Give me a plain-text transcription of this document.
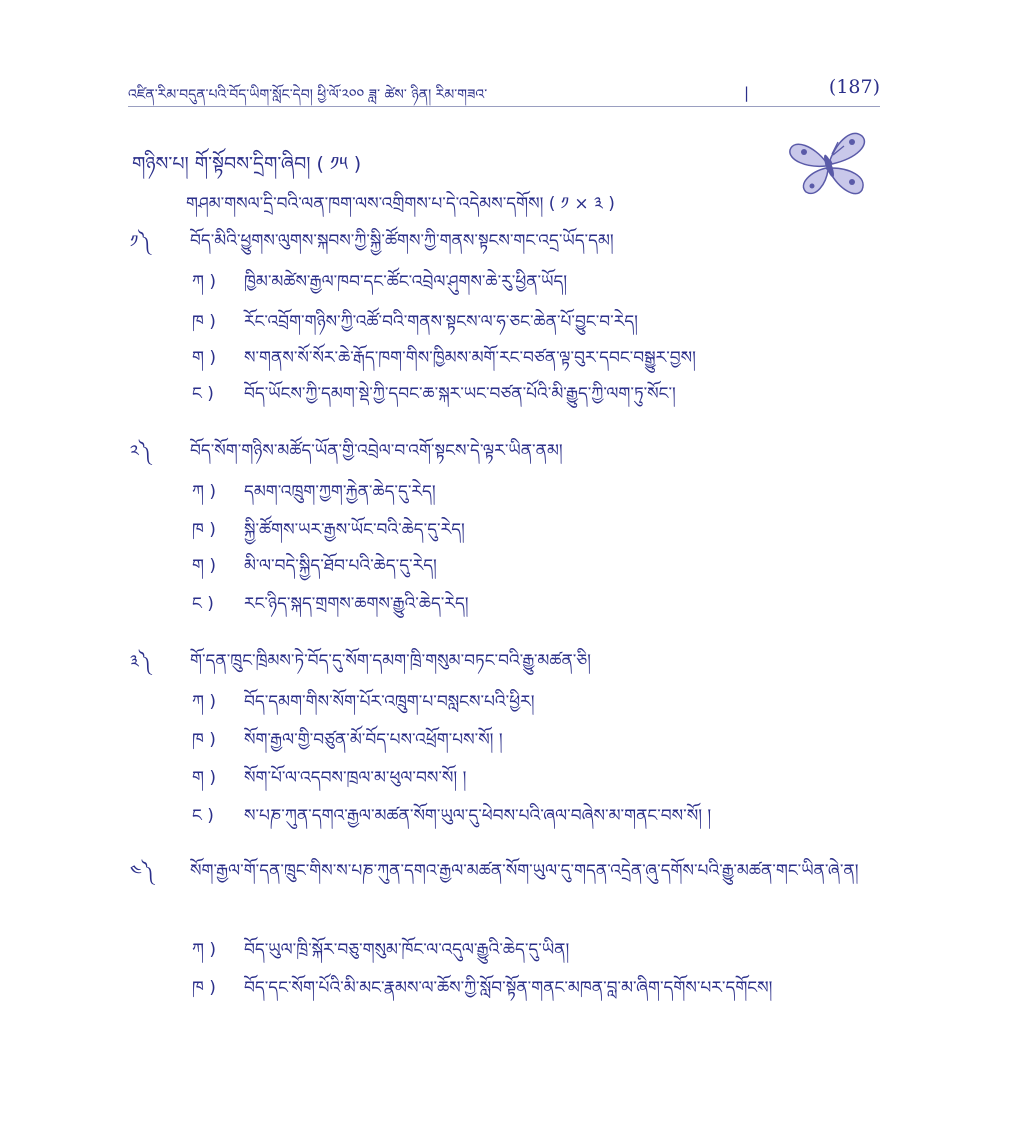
འཛིན་རིམ་བདུན་པའི་བོད་ཡིག་སློང་དེབ། ཕྱི་ལོ་༢༠༠ ཟླ་ ཚེས་ ཉིན། རིམ་གཟའ་	|	(187)
གཉིས་པ། གོ་སྟོབས་དྲིག་ཞིབ། ( ༡༥ )
གཤམ་གསལ་དྲི་བའི་ལན་ཁག་ལས་འགྲིགས་པ་དེ་འདེམས་དགོས། ( ༡ × ༣ )
༡༽	བོད་མིའི་ཕྱུགས་ལུགས་སྐབས་ཀྱི་སྐྱི་ཚོགས་ཀྱི་གནས་སྟངས་གང་འདྲ་ཡོད་དམ།
ཀ ) ཁྱིམ་མཚེས་རྒྱལ་ཁབ་དང་ཚོང་འབྲེལ་ཤུགས་ཆེ་རུ་ཕྱིན་ཡོད།
ཁ ) རོང་འབྲོག་གཉིས་ཀྱི་འཚོ་བའི་གནས་སྟངས་ལ་ཧ་ཅང་ཆེན་པོ་བྱུང་བ་རེད།
ག ) ས་གནས་སོ་སོར་ཆེ་རྒོད་ཁག་གིས་ཁྱིམས་མགོ་རང་བཙན་ལྟ་བུར་དབང་བསྒྱུར་བྱས།
ང ) བོད་ཡོངས་ཀྱི་དམག་སྡེ་ཀྱི་དབང་ཆ་སྐར་ཡང་བཙན་པོའི་མི་རྒྱུད་ཀྱི་ལག་ཏུ་སོང་།
༢༽	བོད་སོག་གཉིས་མཚོད་ཡོན་གྱི་འབྲེལ་བ་འགོ་སྟངས་དེ་ལྟར་ཡིན་ནམ།
ཀ ) དམག་འཁྲུག་ཀྱག་རྐྱེན་ཆེད་དུ་རེད།
ཁ ) སྐྱི་ཚོགས་ཡར་རྒྱས་ཡོང་བའི་ཆེད་དུ་རེད།
ག ) མི་ལ་བདེ་སྐྱིད་ཐོབ་པའི་ཆེད་དུ་རེད།
ང ) རང་ཉིད་སྐད་གྲགས་ཆགས་རྒྱུའི་ཆེད་རེད།
༣༽	གོ་དན་ཁྲུང་ཁྲིམས་ཏེ་བོད་དུ་སོག་དམག་ཁྲི་གསུམ་བཏང་བའི་རྒྱུ་མཚན་ཅི།
ཀ ) བོད་དམག་གིས་སོག་པོར་འཁྲུག་པ་བསླངས་པའི་ཕྱིར།
ཁ ) སོག་རྒྱལ་གྱི་བཙུན་མོ་བོད་པས་འཕྲོག་པས་སོ། །
ག ) སོག་པོ་ལ་འདབས་ཁྲལ་མ་ཕུལ་བས་སོ། །
ང ) ས་པཎ་ཀུན་དགའ་རྒྱལ་མཚན་སོག་ཡུལ་དུ་ཕེབས་པའི་ཞལ་བཞེས་མ་གནང་བས་སོ། །
༤༽	སོག་རྒྱལ་གོ་དན་ཁྲུང་གིས་ས་པཎ་ཀུན་དགའ་རྒྱལ་མཚན་སོག་ཡུལ་དུ་གདན་འདྲེན་ཞུ་དགོས་པའི་རྒྱུ་མཚན་གང་ཡིན་ཞེ་ན།
ཀ ) བོད་ཡུལ་ཁྲི་སྐོར་བཅུ་གསུམ་ཁོང་ལ་འདུལ་རྒྱུའི་ཆེད་དུ་ཡིན།
ཁ ) བོད་དང་སོག་པོའི་མི་མང་རྣམས་ལ་ཆོས་ཀྱི་སློབ་སྟོན་གནང་མཁན་བླ་མ་ཞིག་དགོས་པར་དགོངས།
